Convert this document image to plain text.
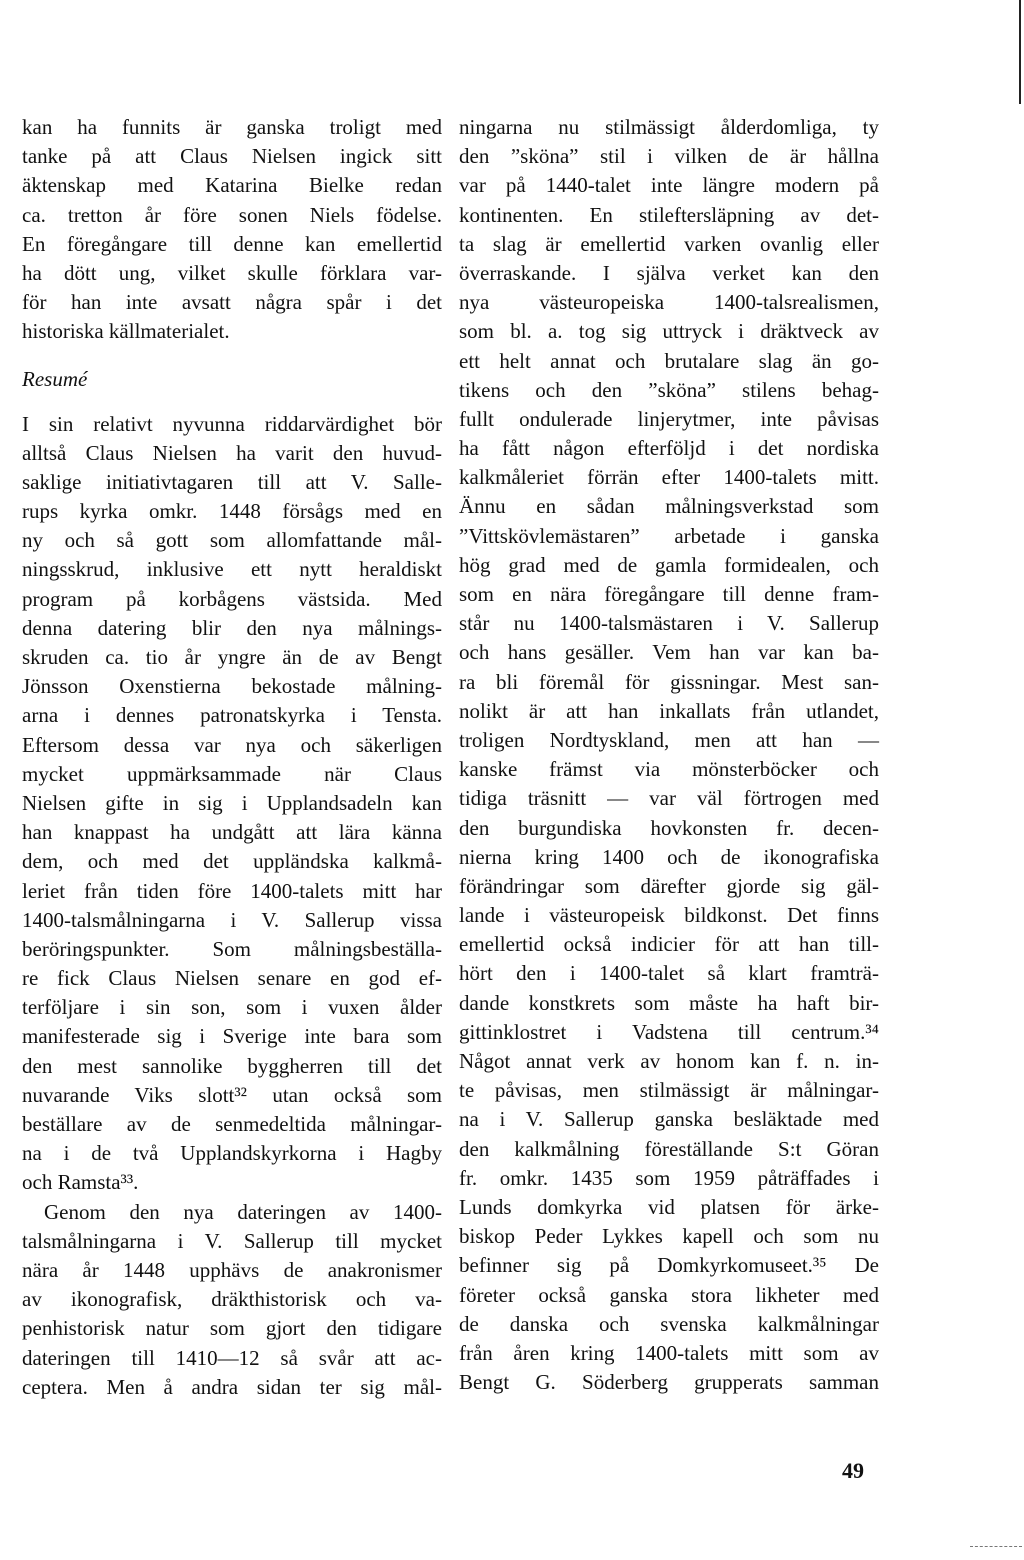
kan ha funnits är ganska troligt med
tanke på att Claus Nielsen ingick sitt
äktenskap med Katarina Bielke redan
ca. tretton år före sonen Niels födelse.
En föregångare till denne kan emellertid
ha dött ung, vilket skulle förklara var-
för han inte avsatt några spår i det
historiska källmaterialet.
Resumé
I sin relativt nyvunna riddarvärdighet bör
alltså Claus Nielsen ha varit den huvud-
saklige initiativtagaren till att V. Salle-
rups kyrka omkr. 1448 försågs med en
ny och så gott som allomfattande mål-
ningsskrud, inklusive ett nytt heraldiskt
program på korbågens västsida. Med
denna datering blir den nya målnings-
skruden ca. tio år yngre än de av Bengt
Jönsson Oxenstierna bekostade målning-
arna i dennes patronatskyrka i Tensta.
Eftersom dessa var nya och säkerligen
mycket uppmärksammade när Claus
Nielsen gifte in sig i Upplandsadeln kan
han knappast ha undgått att lära känna
dem, och med det uppländska kalkmå-
leriet från tiden före 1400-talets mitt har
1400-talsmålningarna i V. Sallerup vissa
beröringspunkter. Som målningsbeställa-
re fick Claus Nielsen senare en god ef-
terföljare i sin son, som i vuxen ålder
manifesterade sig i Sverige inte bara som
den mest sannolike byggherren till det
nuvarande Viks slott³² utan också som
beställare av de senmedeltida målningar-
na i de två Upplandskyrkorna i Hagby
och Ramsta³³.
Genom den nya dateringen av 1400-
talsmålningarna i V. Sallerup till mycket
nära år 1448 upphävs de anakronismer
av ikonografisk, dräkthistorisk och va-
penhistorisk natur som gjort den tidigare
dateringen till 1410—12 så svår att ac-
ceptera. Men å andra sidan ter sig mål-
ningarna nu stilmässigt ålderdomliga, ty
den ”sköna” stil i vilken de är hållna
var på 1440-talet inte längre modern på
kontinenten. En stileftersläpning av det-
ta slag är emellertid varken ovanlig eller
överraskande. I själva verket kan den
nya västeuropeiska 1400-talsrealismen,
som bl. a. tog sig uttryck i dräktveck av
ett helt annat och brutalare slag än go-
tikens och den ”sköna” stilens behag-
fullt ondulerade linjerytmer, inte påvisas
ha fått någon efterföljd i det nordiska
kalkmåleriet förrän efter 1400-talets mitt.
Ännu en sådan målningsverkstad som
”Vittskövlemästaren” arbetade i ganska
hög grad med de gamla formidealen, och
som en nära föregångare till denne fram-
står nu 1400-talsmästaren i V. Sallerup
och hans gesäller. Vem han var kan ba-
ra bli föremål för gissningar. Mest san-
nolikt är att han inkallats från utlandet,
troligen Nordtyskland, men att han —
kanske främst via mönsterböcker och
tidiga träsnitt — var väl förtrogen med
den burgundiska hovkonsten fr. decen-
nierna kring 1400 och de ikonografiska
förändringar som därefter gjorde sig gäl-
lande i västeuropeisk bildkonst. Det finns
emellertid också indicier för att han till-
hört den i 1400-talet så klart framträ-
dande konstkrets som måste ha haft bir-
gittinklostret i Vadstena till centrum.³⁴
Något annat verk av honom kan f. n. in-
te påvisas, men stilmässigt är målningar-
na i V. Sallerup ganska besläktade med
den kalkmålning föreställande S:t Göran
fr. omkr. 1435 som 1959 påträffades i
Lunds domkyrka vid platsen för ärke-
biskop Peder Lykkes kapell och som nu
befinner sig på Domkyrkomuseet.³⁵ De
företer också ganska stora likheter med
de danska och svenska kalkmålningar
från åren kring 1400-talets mitt som av
Bengt G. Söderberg grupperats samman
49
